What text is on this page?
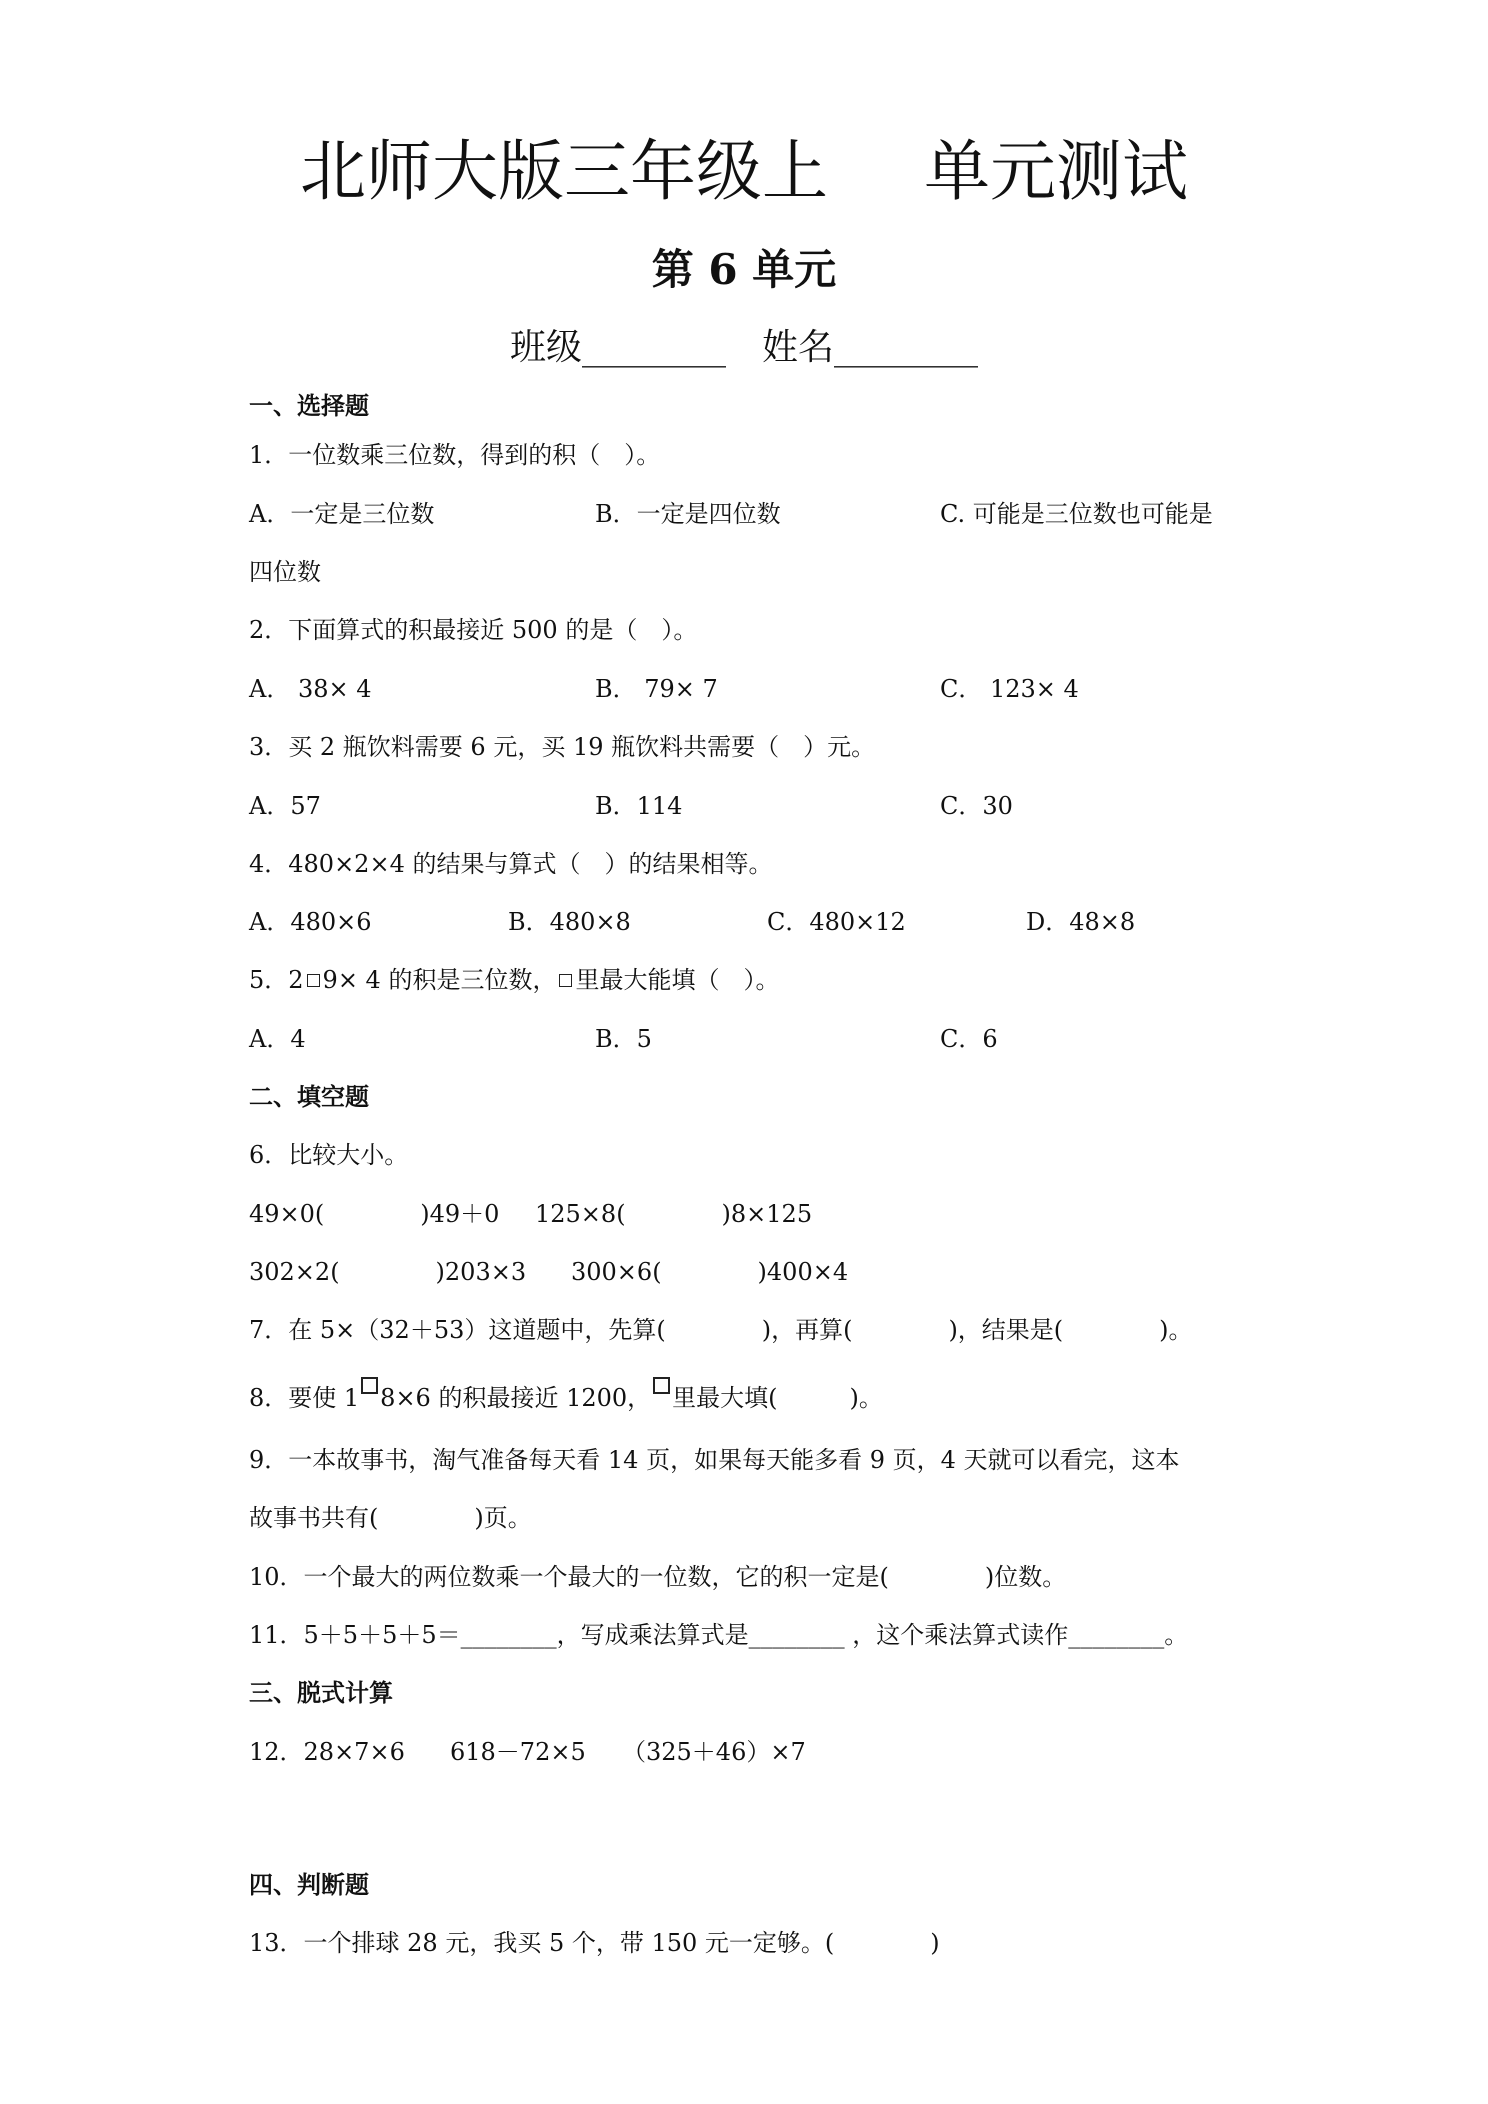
北师大版三年级上 单元测试
第 6 单元
班级________ 姓名________
一、选择题
1．一位数乘三位数，得到的积（　）。
A．一定是三位数	B．一定是四位数	C. 可能是三位数也可能是
四位数
2．下面算式的积最接近 500 的是（　）。
A． 38× 4	B． 79× 7	C． 123× 4
3．买 2 瓶饮料需要 6 元，买 19 瓶饮料共需要（　）元。
A．57	B．114	C．30
4．480×2×4 的结果与算式（　）的结果相等。
A．480×6	B．480×8	C．480×12	D．48×8
5．2 9× 4 的积是三位数， 里最大能填（　）。
A．4	B．5	C．6
二、填空题
6．比较大小。
49×0(　　　　)49＋0 125×8(　　　　)8×125
302×2(　　　　)203×3 300×6(　　　　)400×4
7．在 5×（32＋53）这道题中，先算(　　　　)，再算(　　　　)，结果是(　　　　)。
8．要使 1 8×6 的积最接近 1200， 里最大填(　　　)。
9．一本故事书，淘气准备每天看 14 页，如果每天能多看 9 页，4 天就可以看完，这本
故事书共有(　　　　)页。
10．一个最大的两位数乘一个最大的一位数，它的积一定是(　　　　)位数。
11．5＋5＋5＋5＝________，写成乘法算式是________ ，这个乘法算式读作________。
三、脱式计算
12．28×7×6 618－72×5 （325＋46）×7
四、判断题
13．一个排球 28 元，我买 5 个，带 150 元一定够。(　　　　)
